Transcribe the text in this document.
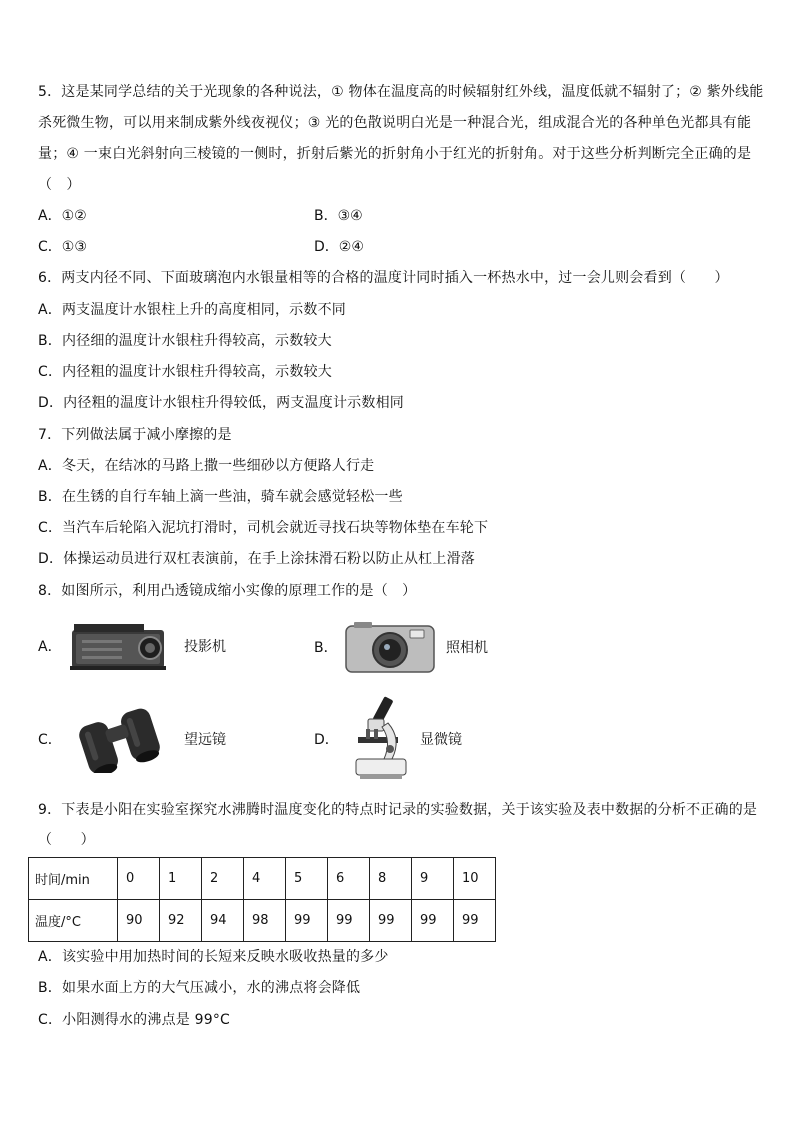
5．这是某同学总结的关于光现象的各种说法，① 物体在温度高的时候辐射红外线，温度低就不辐射了；② 紫外线能
杀死微生物，可以用来制成紫外线夜视仪；③ 光的色散说明白光是一种混合光，组成混合光的各种单色光都具有能
量；④ 一束白光斜射向三棱镜的一侧时，折射后紫光的折射角小于红光的折射角。对于这些分析判断完全正确的是
（　）
A．①②	B．③④
C．①③	D．②④
6．两支内径不同、下面玻璃泡内水银量相等的合格的温度计同时插入一杯热水中，过一会儿则会看到（　　）
A．两支温度计水银柱上升的高度相同，示数不同
B．内径细的温度计水银柱升得较高，示数较大
C．内径粗的温度计水银柱升得较高，示数较大
D．内径粗的温度计水银柱升得较低，两支温度计示数相同
7．下列做法属于减小摩擦的是
A．冬天，在结冰的马路上撒一些细砂以方便路人行走
B．在生锈的自行车轴上滴一些油，骑车就会感觉轻松一些
C．当汽车后轮陷入泥坑打滑时，司机会就近寻找石块等物体垫在车轮下
D．体操运动员进行双杠表演前，在手上涂抹滑石粉以防止从杠上滑落
8．如图所示，利用凸透镜成缩小实像的原理工作的是（　）
A．	投影机	B．	照相机
C．	望远镜	D．	显微镜
9．下表是小阳在实验室探究水沸腾时温度变化的特点时记录的实验数据，关于该实验及表中数据的分析不正确的是
（　　）
时间/min	0	1	2	4	5	6	8	9	10
温度/°C	90	92	94	98	99	99	99	99	99
A．该实验中用加热时间的长短来反映水吸收热量的多少
B．如果水面上方的大气压减小，水的沸点将会降低
C．小阳测得水的沸点是 99°C
